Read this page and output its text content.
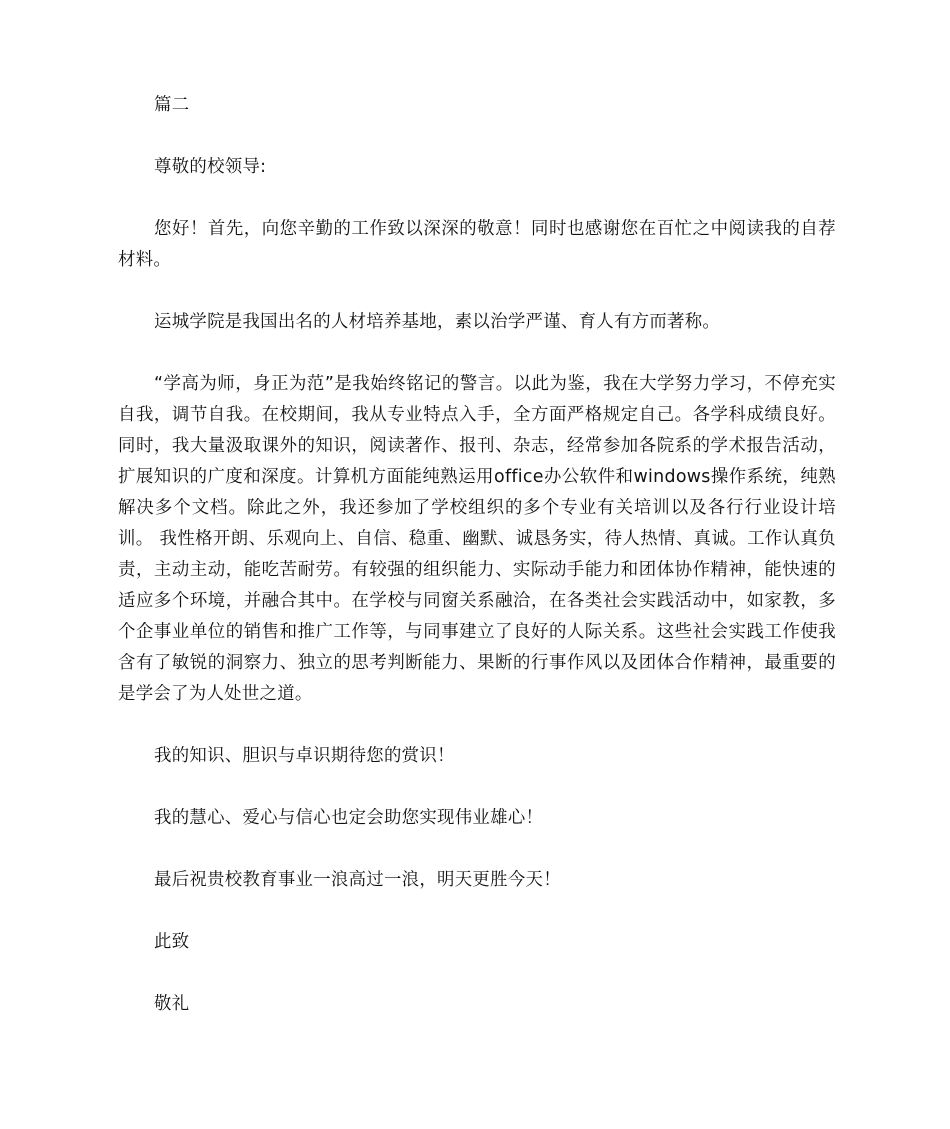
篇二

尊敬的校领导:

您好！首先，向您辛勤的工作致以深深的敬意！同时也感谢您在百忙之中阅读我的自荐材料。

运城学院是我国出名的人材培养基地，素以治学严谨、育人有方而著称。

“学高为师，身正为范”是我始终铭记的警言。以此为鉴，我在大学努力学习，不停充实自我，调节自我。在校期间，我从专业特点入手，全方面严格规定自己。各学科成绩良好。同时，我大量汲取课外的知识，阅读著作、报刊、杂志，经常参加各院系的学术报告活动，扩展知识的广度和深度。计算机方面能纯熟运用office办公软件和windows操作系统，纯熟解决多个文档。除此之外，我还参加了学校组织的多个专业有关培训以及各行行业设计培训。 我性格开朗、乐观向上、自信、稳重、幽默、诚恳务实，待人热情、真诚。工作认真负责，主动主动，能吃苦耐劳。有较强的组织能力、实际动手能力和团体协作精神，能快速的适应多个环境，并融合其中。在学校与同窗关系融洽，在各类社会实践活动中，如家教，多个企事业单位的销售和推广工作等，与同事建立了良好的人际关系。这些社会实践工作使我含有了敏锐的洞察力、独立的思考判断能力、果断的行事作风以及团体合作精神，最重要的是学会了为人处世之道。

我的知识、胆识与卓识期待您的赏识！

我的慧心、爱心与信心也定会助您实现伟业雄心！

最后祝贵校教育事业一浪高过一浪，明天更胜今天！

此致

敬礼
